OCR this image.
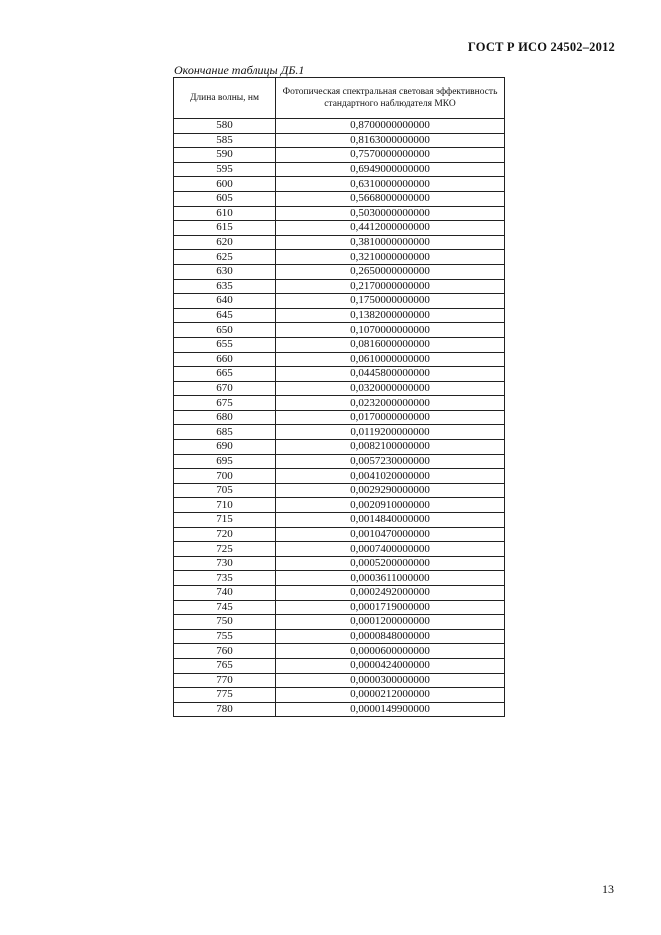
ГОСТ Р ИСО 24502–2012
Окончание таблицы ДБ.1
Длина волны, нм	Фотопическая спектральная световая эффективность стандартного наблюдателя МКО
580	0,8700000000000
585	0,8163000000000
590	0,7570000000000
595	0,6949000000000
600	0,6310000000000
605	0,5668000000000
610	0,5030000000000
615	0,4412000000000
620	0,3810000000000
625	0,3210000000000
630	0,2650000000000
635	0,2170000000000
640	0,1750000000000
645	0,1382000000000
650	0,1070000000000
655	0,0816000000000
660	0,0610000000000
665	0,0445800000000
670	0,0320000000000
675	0,0232000000000
680	0,0170000000000
685	0,0119200000000
690	0,0082100000000
695	0,0057230000000
700	0,0041020000000
705	0,0029290000000
710	0,0020910000000
715	0,0014840000000
720	0,0010470000000
725	0,0007400000000
730	0,0005200000000
735	0,0003611000000
740	0,0002492000000
745	0,0001719000000
750	0,0001200000000
755	0,0000848000000
760	0,0000600000000
765	0,0000424000000
770	0,0000300000000
775	0,0000212000000
780	0,0000149900000
13
